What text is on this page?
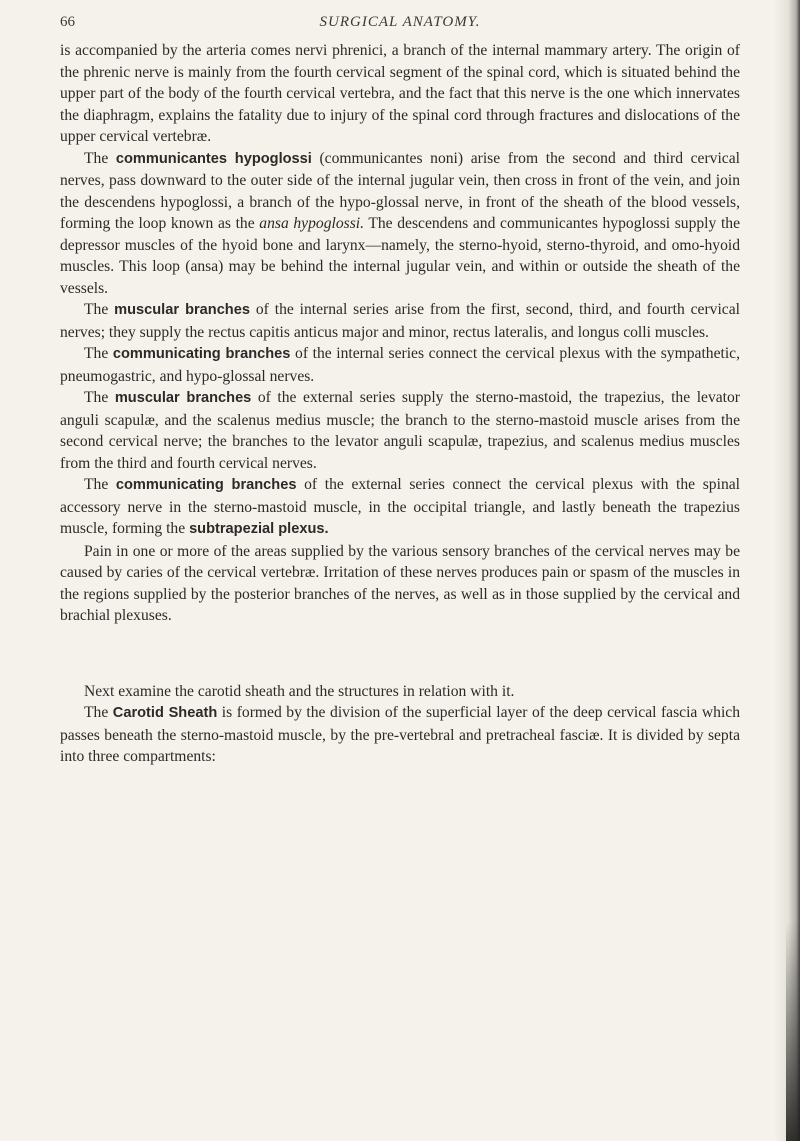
66	SURGICAL ANATOMY.

is accompanied by the arteria comes nervi phrenici, a branch of the internal mammary artery. The origin of the phrenic nerve is mainly from the fourth cervical segment of the spinal cord, which is situated behind the upper part of the body of the fourth cervical vertebra, and the fact that this nerve is the one which innervates the diaphragm, explains the fatality due to injury of the spinal cord through fractures and dislocations of the upper cervical vertebræ.

The communicantes hypoglossi (communicantes noni) arise from the second and third cervical nerves, pass downward to the outer side of the internal jugular vein, then cross in front of the vein, and join the descendens hypoglossi, a branch of the hypo-glossal nerve, in front of the sheath of the blood vessels, forming the loop known as the ansa hypoglossi. The descendens and communicantes hypoglossi supply the depressor muscles of the hyoid bone and larynx—namely, the sterno-hyoid, sterno-thyroid, and omo-hyoid muscles. This loop (ansa) may be behind the internal jugular vein, and within or outside the sheath of the vessels.

The muscular branches of the internal series arise from the first, second, third, and fourth cervical nerves; they supply the rectus capitis anticus major and minor, rectus lateralis, and longus colli muscles.

The communicating branches of the internal series connect the cervical plexus with the sympathetic, pneumogastric, and hypo-glossal nerves.

The muscular branches of the external series supply the sterno-mastoid, the trapezius, the levator anguli scapulæ, and the scalenus medius muscle; the branch to the sterno-mastoid muscle arises from the second cervical nerve; the branches to the levator anguli scapulæ, trapezius, and scalenus medius muscles from the third and fourth cervical nerves.

The communicating branches of the external series connect the cervical plexus with the spinal accessory nerve in the sterno-mastoid muscle, in the occipital triangle, and lastly beneath the trapezius muscle, forming the subtrapezial plexus.

Pain in one or more of the areas supplied by the various sensory branches of the cervical nerves may be caused by caries of the cervical vertebræ. Irritation of these nerves produces pain or spasm of the muscles in the regions supplied by the posterior branches of the nerves, as well as in those supplied by the cervical and brachial plexuses.

Next examine the carotid sheath and the structures in relation with it.

The Carotid Sheath is formed by the division of the superficial layer of the deep cervical fascia which passes beneath the sterno-mastoid muscle, by the pre-vertebral and pretracheal fasciæ. It is divided by septa into three compartments:
